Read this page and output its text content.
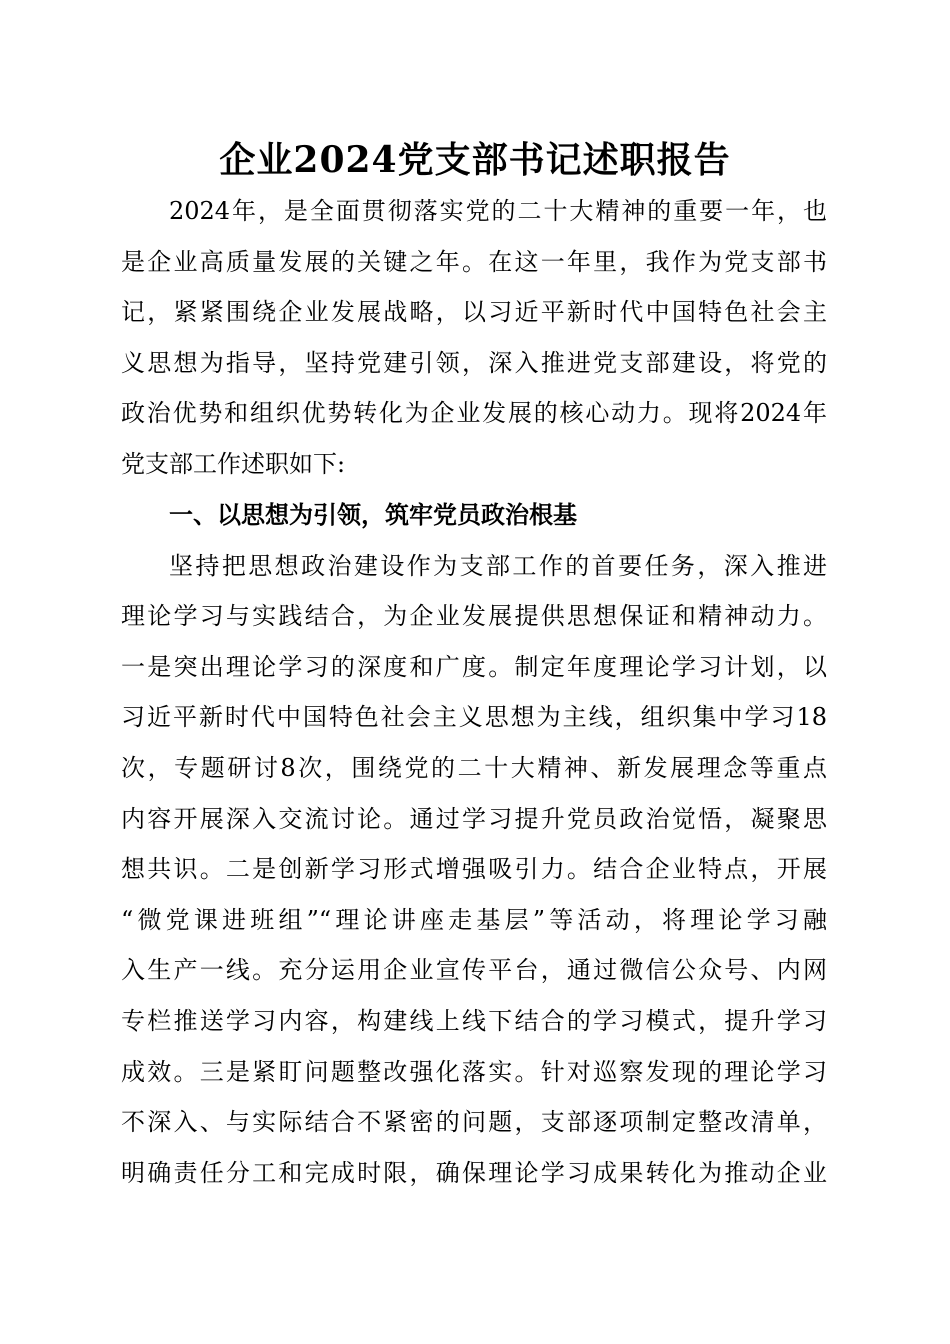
企业2024党支部书记述职报告
2024年，是全面贯彻落实党的二十大精神的重要一年，也
是企业高质量发展的关键之年。在这一年里，我作为党支部书
记，紧紧围绕企业发展战略，以习近平新时代中国特色社会主
义思想为指导，坚持党建引领，深入推进党支部建设，将党的
政治优势和组织优势转化为企业发展的核心动力。现将2024年
党支部工作述职如下:
一、以思想为引领，筑牢党员政治根基
坚持把思想政治建设作为支部工作的首要任务，深入推进
理论学习与实践结合，为企业发展提供思想保证和精神动力。
一是突出理论学习的深度和广度。制定年度理论学习计划，以
习近平新时代中国特色社会主义思想为主线，组织集中学习18
次，专题研讨8次，围绕党的二十大精神、新发展理念等重点
内容开展深入交流讨论。通过学习提升党员政治觉悟，凝聚思
想共识。二是创新学习形式增强吸引力。结合企业特点，开展
“微党课进班组”“理论讲座走基层”等活动，将理论学习融
入生产一线。充分运用企业宣传平台，通过微信公众号、内网
专栏推送学习内容，构建线上线下结合的学习模式，提升学习
成效。三是紧盯问题整改强化落实。针对巡察发现的理论学习
不深入、与实际结合不紧密的问题，支部逐项制定整改清单，
明确责任分工和完成时限，确保理论学习成果转化为推动企业
